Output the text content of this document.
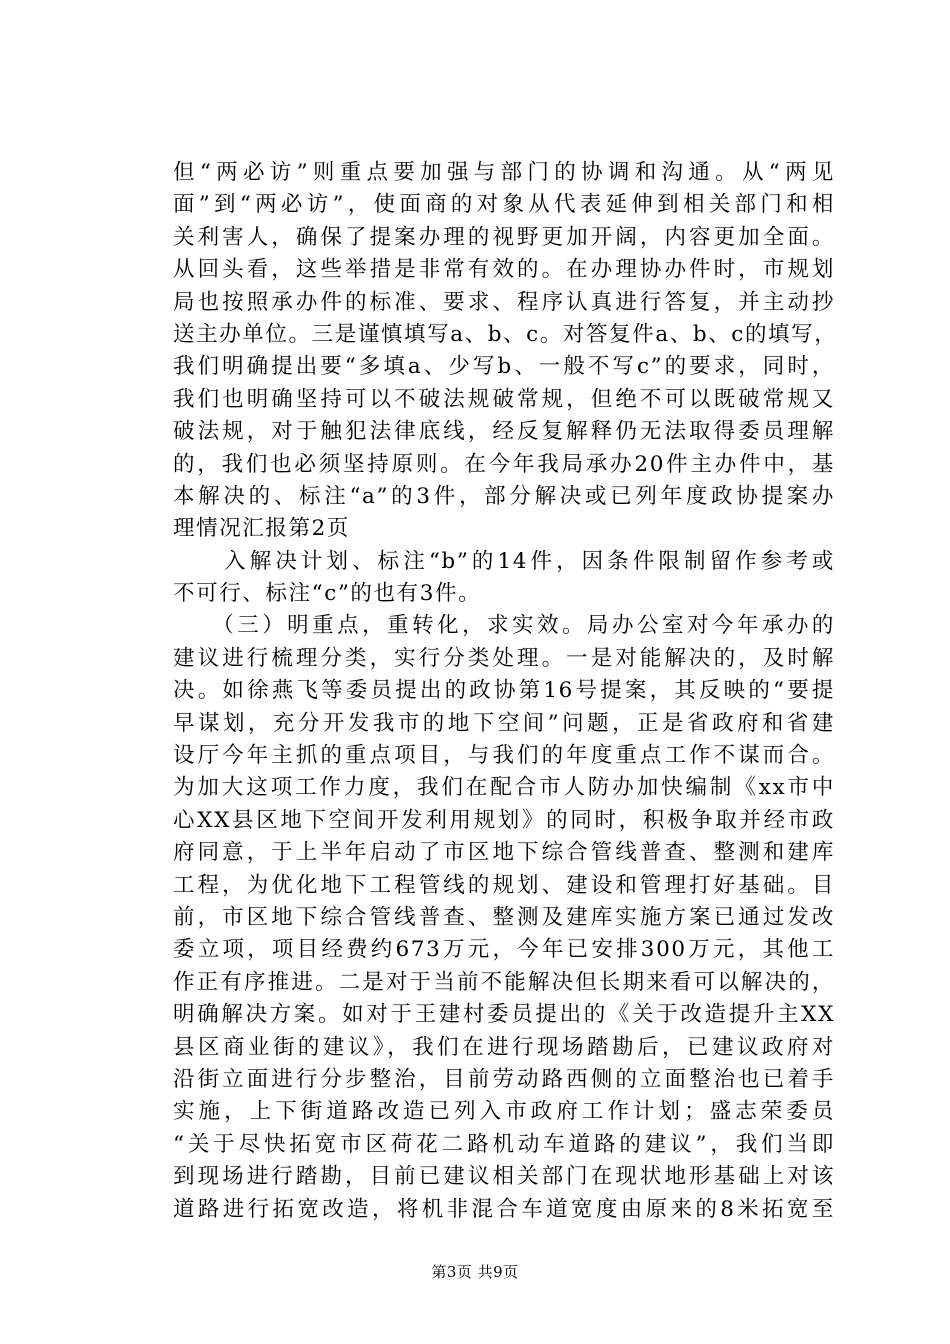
但“两必访”则重点要加强与部门的协调和沟通。从“两见
面”到“两必访”，使面商的对象从代表延伸到相关部门和相
关利害人，确保了提案办理的视野更加开阔，内容更加全面。
从回头看，这些举措是非常有效的。在办理协办件时，市规划
局也按照承办件的标准、要求、程序认真进行答复，并主动抄
送主办单位。三是谨慎填写a、b、c。对答复件a、b、c的填写，
我们明确提出要“多填a、少写b、一般不写c”的要求，同时，
我们也明确坚持可以不破法规破常规，但绝不可以既破常规又
破法规，对于触犯法律底线，经反复解释仍无法取得委员理解
的，我们也必须坚持原则。在今年我局承办20件主办件中，基
本解决的、标注“a”的3件，部分解决或已列年度政协提案办
理情况汇报第2页
　　入解决计划、标注“b”的14件，因条件限制留作参考或
不可行、标注“c”的也有3件。
　　（三）明重点，重转化，求实效。局办公室对今年承办的
建议进行梳理分类，实行分类处理。一是对能解决的，及时解
决。如徐燕飞等委员提出的政协第16号提案，其反映的“要提
早谋划，充分开发我市的地下空间”问题，正是省政府和省建
设厅今年主抓的重点项目，与我们的年度重点工作不谋而合。
为加大这项工作力度，我们在配合市人防办加快编制《xx市中
心XX县区地下空间开发利用规划》的同时，积极争取并经市政
府同意，于上半年启动了市区地下综合管线普查、整测和建库
工程，为优化地下工程管线的规划、建设和管理打好基础。目
前，市区地下综合管线普查、整测及建库实施方案已通过发改
委立项，项目经费约673万元，今年已安排300万元，其他工
作正有序推进。二是对于当前不能解决但长期来看可以解决的，
明确解决方案。如对于王建村委员提出的《关于改造提升主XX
县区商业街的建议》，我们在进行现场踏勘后，已建议政府对
沿街立面进行分步整治，目前劳动路西侧的立面整治也已着手
实施，上下街道路改造已列入市政府工作计划；盛志荣委员
“关于尽快拓宽市区荷花二路机动车道路的建议”，我们当即
到现场进行踏勘，目前已建议相关部门在现状地形基础上对该
道路进行拓宽改造，将机非混合车道宽度由原来的8米拓宽至
第3页 共9页
